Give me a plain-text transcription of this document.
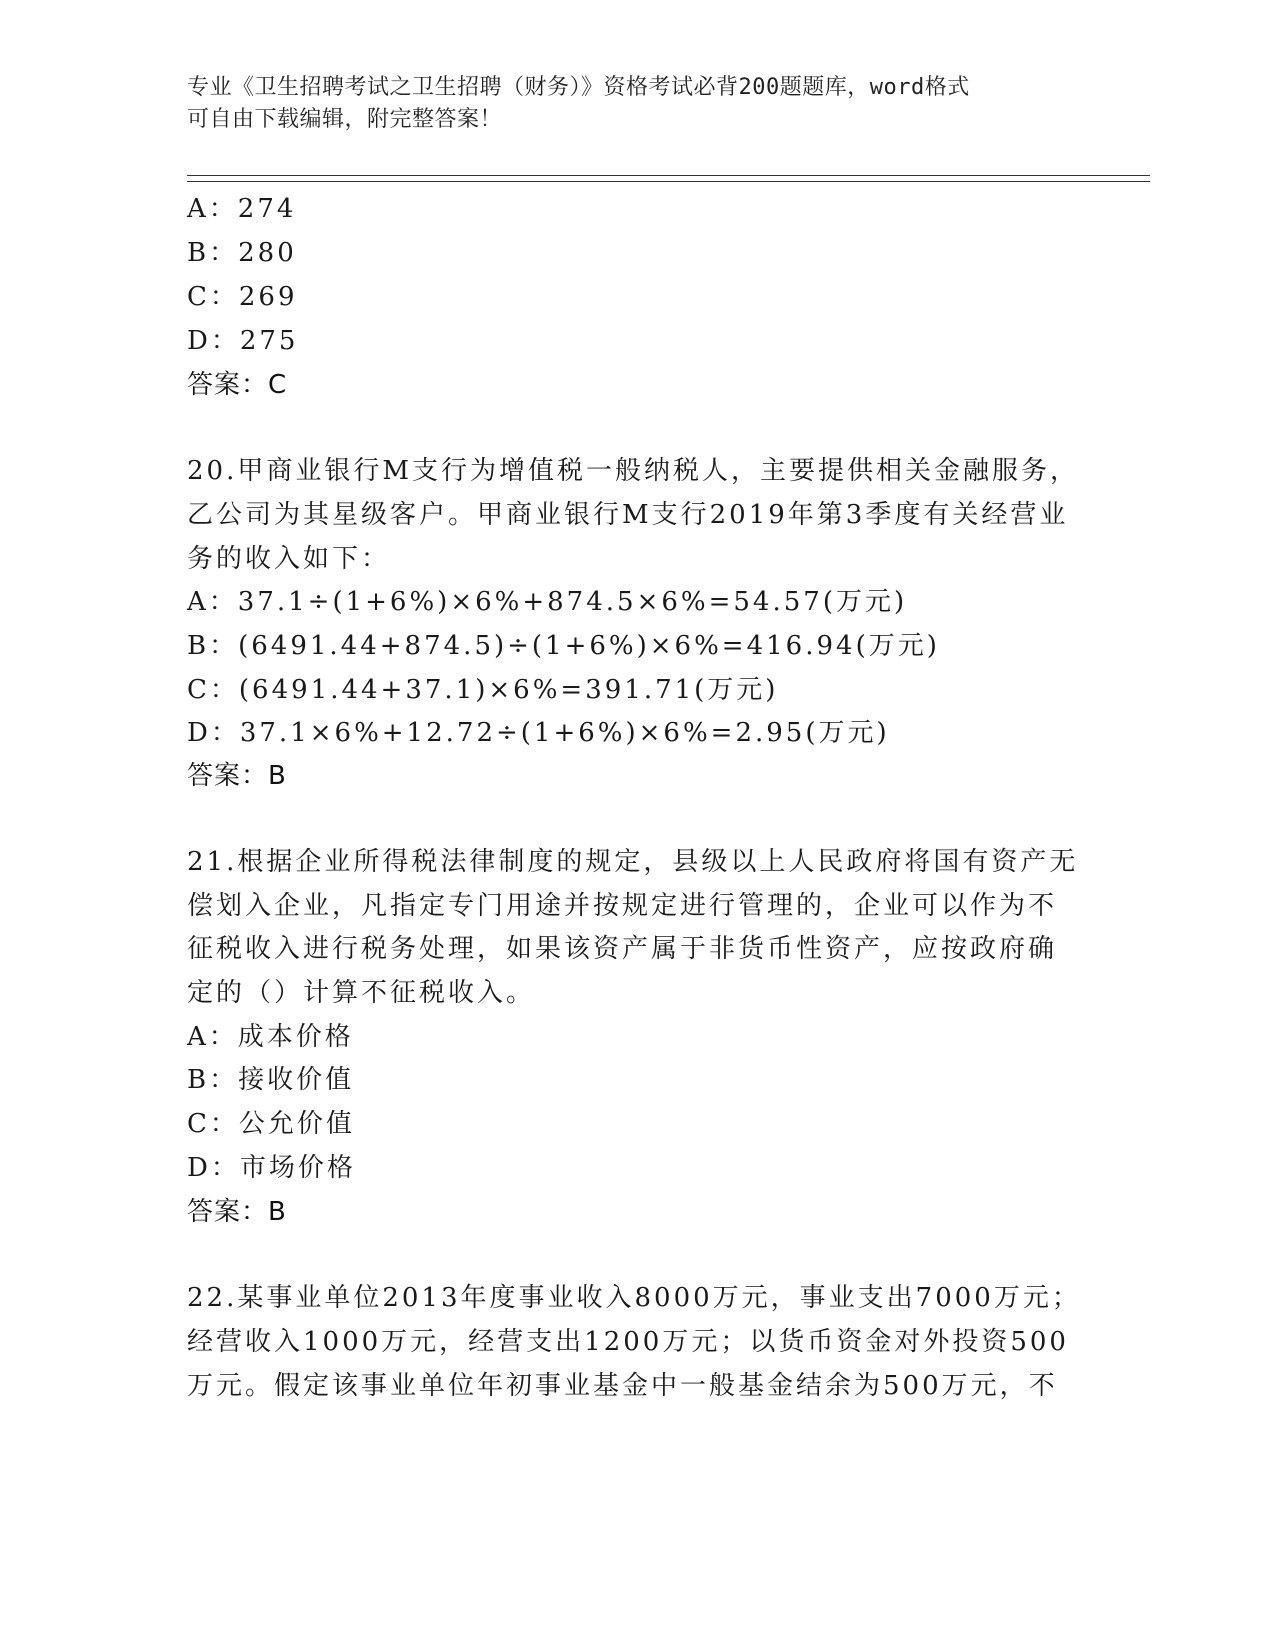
专业《卫生招聘考试之卫生招聘（财务）》资格考试必背200题题库，word格式
可自由下载编辑，附完整答案！
A：274
B：280
C：269
D：275
答案：C
20.甲商业银行M支行为增值税一般纳税人，主要提供相关金融服务，
乙公司为其星级客户。甲商业银行M支行2019年第3季度有关经营业
务的收入如下：
A：37.1÷(1+6%)×6%+874.5×6%=54.57(万元)
B：(6491.44+874.5)÷(1+6%)×6%=416.94(万元)
C：(6491.44+37.1)×6%=391.71(万元)
D：37.1×6%+12.72÷(1+6%)×6%=2.95(万元)
答案：B
21.根据企业所得税法律制度的规定，县级以上人民政府将国有资产无
偿划入企业，凡指定专门用途并按规定进行管理的，企业可以作为不
征税收入进行税务处理，如果该资产属于非货币性资产，应按政府确
定的（）计算不征税收入。
A：成本价格
B：接收价值
C：公允价值
D：市场价格
答案：B
22.某事业单位2013年度事业收入8000万元，事业支出7000万元；
经营收入1000万元，经营支出1200万元；以货币资金对外投资500
万元。假定该事业单位年初事业基金中一般基金结余为500万元，不
